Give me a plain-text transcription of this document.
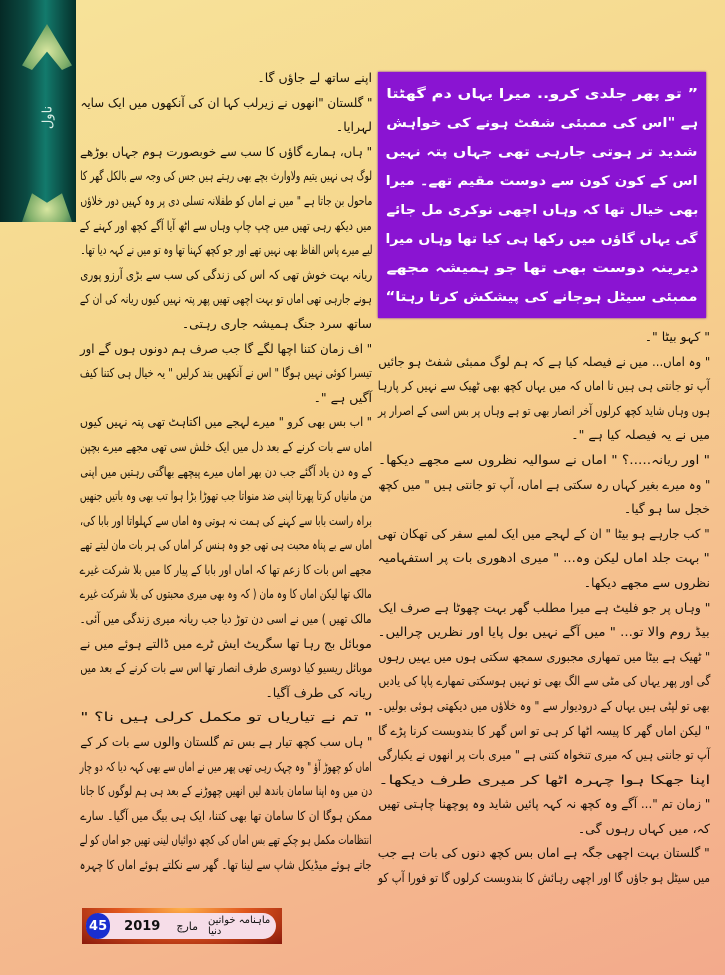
ناول
” تو پھر جلدی کرو.. میرا یہاں دم گھٹتا
ہے "اس کی ممبئی شفٹ ہونے کی خواہش
شدید تر ہوتی جارہی تھی جہاں پتہ نہیں
اس کے کون کون سے دوست مقیم تھے۔ میرا
بھی خیال تھا کہ وہاں اچھی نوکری مل جائے
گی یہاں گاؤں میں رکھا ہی کیا تھا وہاں میرا
دیرینہ دوست بھی تھا جو ہمیشہ مجھے
ممبئی سیٹل ہوجانے کی پیشکش کرتا رہتا“
اپنے ساتھ لے جاؤں گا۔
" گلستان "انھوں نے زیرلب کہا ان کی آنکھوں میں ایک سایہ
لہرایا۔
" ہاں، ہمارے گاؤں کا سب سے خوبصورت ہوم جہاں بوڑھے
لوگ ہی نہیں یتیم ولاوارث بچے بھی رہتے ہیں جس کی وجہ سے بالکل گھر کا
ماحول بن جاتا ہے " میں نے اماں کو طفلانہ تسلی دی پر وہ کہیں دور خلاؤں
میں دیکھ رہی تھیں میں چپ چاپ وہاں سے اٹھ آیا آگے کچھ اور کہنے کے
لیے میرے پاس الفاظ بھی نہیں تھے اور جو کچھ کہنا تھا وہ تو میں نے کہہ دیا تھا۔
ریانہ بہت خوش تھی کہ اس کی زندگی کی سب سے بڑی آرزو پوری
ہونے جارہی تھی اماں تو بہت اچھی تھیں پھر پتہ نہیں کیوں ریانہ کی ان کے
ساتھ سرد جنگ ہمیشہ جاری رہتی۔
" اف زمان کتنا اچھا لگے گا جب صرف ہم دونوں ہوں گے اور
تیسرا کوئی نہیں ہوگا " اس نے آنکھیں بند کرلیں " یہ خیال ہی کتنا کیف
آگیں ہے "۔
" اب بس بھی کرو " میرے لہجے میں اکتاہٹ تھی پتہ نہیں کیوں
اماں سے بات کرنے کے بعد دل میں ایک خلش سی تھی مجھے میرے بچپن
کے وہ دن یاد آگئے جب دن بھر اماں میرے پیچھے بھاگتی رہتیں میں اپنی
من مانیاں کرتا پھرتا اپنی ضد منواتا جب تھوڑا بڑا ہوا تب بھی وہ باتیں جنھیں
براہ راست بابا سے کہنے کی ہمت نہ ہوتی وہ اماں سے کہلواتا اور بابا کی،
اماں سے بے پناہ محبت ہی تھی جو وہ ہنس کر اماں کی ہر بات مان لیتے تھے
مجھے اس بات کا زعم تھا کہ اماں اور بابا کے پیار کا میں بلا شرکت غیرے
مالک تھا لیکن اماں کا وہ مان ( کہ وہ بھی میری محبتوں کی بلا شرکت غیرے
مالک تھیں ) میں نے اسی دن توڑ دیا جب ریانہ میری زندگی میں آئی۔
موبائل بج رہا تھا سگریٹ ایش ٹرے میں ڈالتے ہوئے میں نے
موبائل ریسیو کیا دوسری طرف انصار تھا اس سے بات کرنے کے بعد میں
ریانہ کی طرف آگیا۔
" تم نے تیاریاں تو مکمل کرلی ہیں نا؟ "
" ہاں سب کچھ تیار ہے بس تم گلستان والوں سے بات کر کے
اماں کو چھوڑ آؤ " وہ چہک رہی تھی پھر میں نے اماں سے بھی کہہ دیا کہ دو چار
دن میں وہ اپنا سامان باندھ لیں انھیں چھوڑنے کے بعد ہی ہم لوگوں کا جانا
ممکن ہوگا ان کا سامان تھا بھی کتنا، ایک ہی بیگ میں آگیا۔ سارے
انتظامات مکمل ہو چکے تھے بس اماں کی کچھ دوائیاں لینی تھیں جو اماں کو لے
جاتے ہوئے میڈیکل شاپ سے لینا تھا۔ گھر سے نکلتے ہوئے اماں کا چہرہ
" کہو بیٹا "۔
" وہ اماں... میں نے فیصلہ کیا ہے کہ ہم لوگ ممبئی شفٹ ہو جائیں
آپ تو جانتی ہی ہیں نا اماں کہ میں یہاں کچھ بھی ٹھیک سے نہیں کر پارہا
ہوں وہاں شاید کچھ کرلوں آخر انصار بھی تو ہے وہاں پر بس اسی کے اصرار پر
میں نے یہ فیصلہ کیا ہے "۔
" اور ریانہ.....؟ " اماں نے سوالیہ نظروں سے مجھے دیکھا۔
" وہ میرے بغیر کہاں رہ سکتی ہے اماں، آپ تو جانتی ہیں " میں کچھ
خجل سا ہو گیا۔
" کب جارہے ہو بیٹا " ان کے لہجے میں ایک لمبے سفر کی تھکان تھی
" بہت جلد اماں لیکن وہ... " میری ادھوری بات پر استفہامیہ
نظروں سے مجھے دیکھا۔
" وہاں پر جو فلیٹ ہے میرا مطلب گھر بہت چھوٹا ہے صرف ایک
بیڈ روم والا تو... " میں آگے نہیں بول پایا اور نظریں چرالیں۔
" ٹھیک ہے بیٹا میں تمھاری مجبوری سمجھ سکتی ہوں میں یہیں رہوں
گی اور پھر یہاں کی مٹی سے الگ بھی تو نہیں ہوسکتی تمھارے پاپا کی یادیں
بھی تو لپٹی ہیں یہاں کے درودیوار سے " وہ خلاؤں میں دیکھتی ہوئی بولیں۔
" لیکن اماں گھر کا پیسہ اٹھا کر ہی تو اس گھر کا بندوبست کرنا پڑے گا
آپ تو جانتی ہیں کہ میری تنخواہ کتنی ہے " میری بات پر انھوں نے یکبارگی
اپنا جھکا ہوا چہرہ اٹھا کر میری طرف دیکھا۔
" زمان تم "... آگے وہ کچھ نہ کہہ پائیں شاید وہ پوچھنا چاہتی تھیں
کہ، میں کہاں رہوں گی۔
" گلستان بہت اچھی جگہ ہے اماں بس کچھ دنوں کی بات ہے جب
میں سیٹل ہو جاؤں گا اور اچھی رہائش کا بندوبست کرلوں گا تو فورا آپ کو
45 2019 مارچ ماہنامہ خواتین دنیا
